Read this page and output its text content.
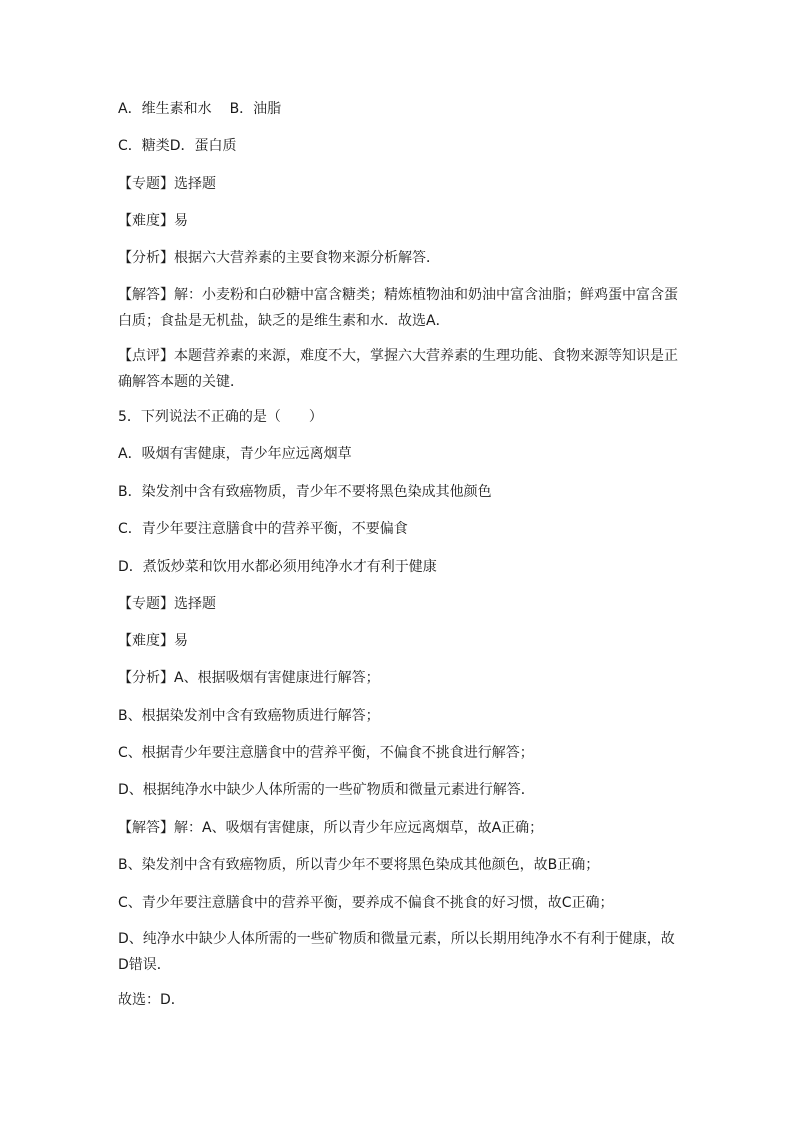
A．维生素和水 B．油脂
C．糖类D．蛋白质
【专题】选择题
【难度】易
【分析】根据六大营养素的主要食物来源分析解答．
【解答】解：小麦粉和白砂糖中富含糖类；精炼植物油和奶油中富含油脂；鲜鸡蛋中富含蛋白质；食盐是无机盐，缺乏的是维生素和水．故选A．
【点评】本题营养素的来源，难度不大，掌握六大营养素的生理功能、食物来源等知识是正确解答本题的关键．
5．下列说法不正确的是（　　）
A．吸烟有害健康，青少年应远离烟草
B．染发剂中含有致癌物质，青少年不要将黑色染成其他颜色
C．青少年要注意膳食中的营养平衡，不要偏食
D．煮饭炒菜和饮用水都必须用纯净水才有利于健康
【专题】选择题
【难度】易
【分析】A、根据吸烟有害健康进行解答；
B、根据染发剂中含有致癌物质进行解答；
C、根据青少年要注意膳食中的营养平衡，不偏食不挑食进行解答；
D、根据纯净水中缺少人体所需的一些矿物质和微量元素进行解答．
【解答】解：A、吸烟有害健康，所以青少年应远离烟草，故A正确；
B、染发剂中含有致癌物质，所以青少年不要将黑色染成其他颜色，故B正确；
C、青少年要注意膳食中的营养平衡，要养成不偏食不挑食的好习惯，故C正确；
D、纯净水中缺少人体所需的一些矿物质和微量元素，所以长期用纯净水不有利于健康，故D错误．
故选：D．
